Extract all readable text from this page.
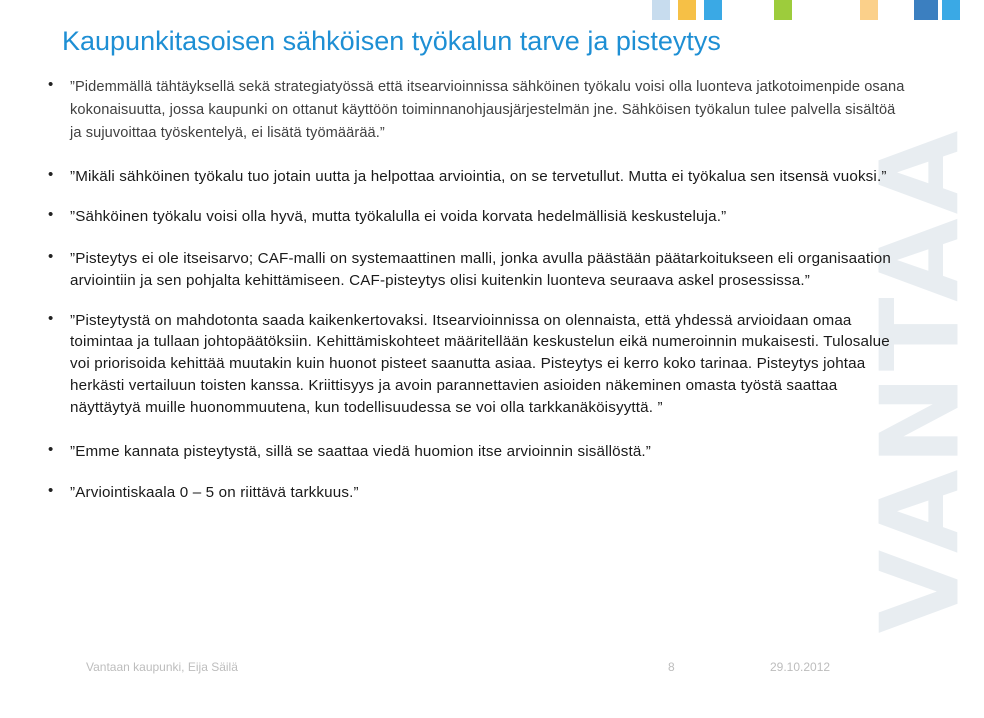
VANTAA
Kaupunkitasoisen sähköisen työkalun tarve ja pisteytys
• ”Pidemmällä tähtäyksellä sekä strategiatyössä että itsearvioinnissa sähköinen työkalu voisi olla luonteva jatkotoimenpide osana kokonaisuutta, jossa kaupunki on ottanut käyttöön toiminnanohjausjärjestelmän jne. Sähköisen työkalun tulee palvella sisältöä ja sujuvoittaa työskentelyä, ei lisätä työmäärää.”
• ”Mikäli sähköinen työkalu tuo jotain uutta ja helpottaa arviointia, on se tervetullut. Mutta ei työkalua sen itsensä vuoksi.”
• ”Sähköinen työkalu voisi olla hyvä, mutta työkalulla ei voida korvata hedelmällisiä keskusteluja.”
• ”Pisteytys ei ole itseisarvo; CAF-malli on systemaattinen malli, jonka avulla päästään päätarkoitukseen eli organisaation arviointiin ja sen pohjalta kehittämiseen. CAF-pisteytys olisi kuitenkin luonteva seuraava askel prosessissa.”
• ”Pisteytystä on mahdotonta saada kaikenkertovaksi. Itsearvioinnissa on olennaista, että yhdessä arvioidaan omaa toimintaa ja tullaan johtopäätöksiin. Kehittämiskohteet määritellään keskustelun eikä numeroinnin mukaisesti. Tulosalue voi priorisoida kehittää muutakin kuin huonot pisteet saanutta asiaa. Pisteytys ei kerro koko tarinaa. Pisteytys johtaa herkästi vertailuun toisten kanssa. Kriittisyys ja avoin parannettavien asioiden näkeminen omasta työstä saattaa näyttäytyä muille huonommuutena, kun todellisuudessa se voi olla tarkkanäköisyyttä. ”
• ”Emme kannata pisteytystä, sillä se saattaa viedä huomion itse arvioinnin sisällöstä.”
• ”Arviointiskaala 0 – 5 on riittävä tarkkuus.”
Vantaan kaupunki, Eija Säilä	8	29.10.2012
